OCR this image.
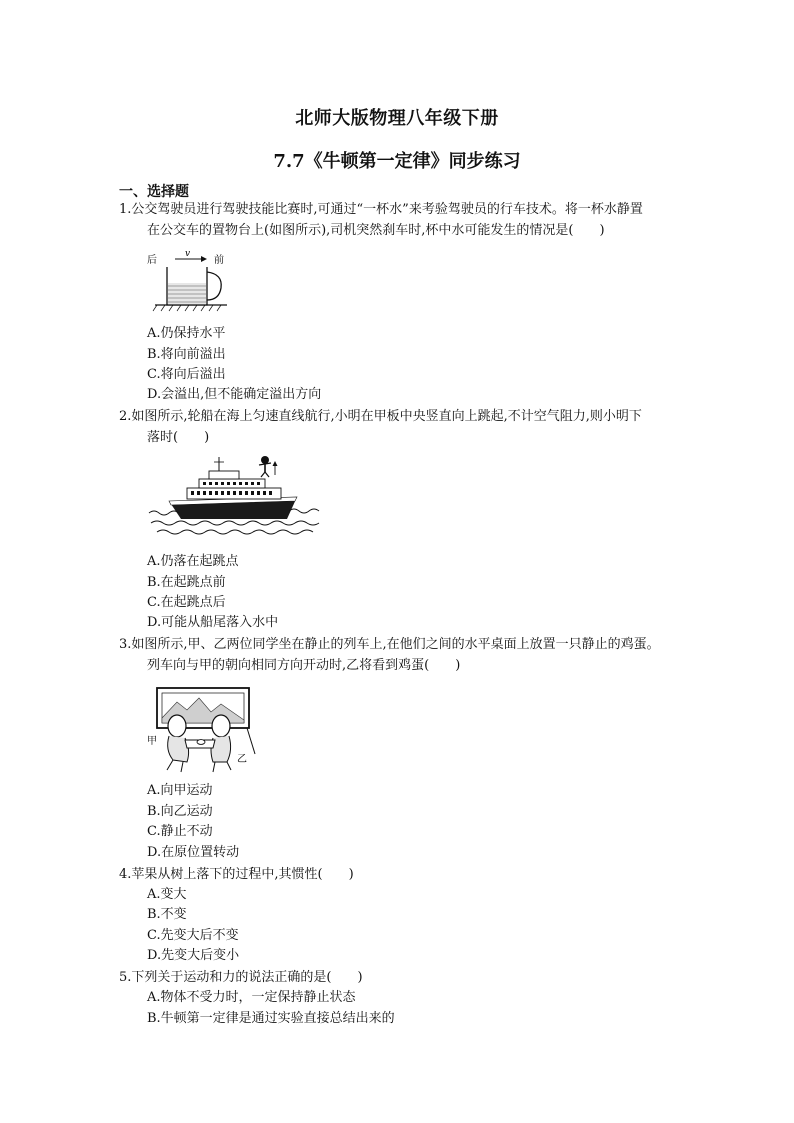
北师大版物理八年级下册
7.7《牛顿第一定律》同步练习
一、选择题
1.公交驾驶员进行驾驶技能比赛时,可通过“一杯水”来考验驾驶员的行车技术。将一杯水静置
在公交车的置物台上(如图所示),司机突然刹车时,杯中水可能发生的情况是(　　)
后	前
v
A.仍保持水平
B.将向前溢出
C.将向后溢出
D.会溢出,但不能确定溢出方向
2.如图所示,轮船在海上匀速直线航行,小明在甲板中央竖直向上跳起,不计空气阻力,则小明下
落时(　　)
A.仍落在起跳点
B.在起跳点前
C.在起跳点后
D.可能从船尾落入水中
3.如图所示,甲、乙两位同学坐在静止的列车上,在他们之间的水平桌面上放置一只静止的鸡蛋。
列车向与甲的朝向相同方向开动时,乙将看到鸡蛋(　　)
甲
乙
A.向甲运动
B.向乙运动
C.静止不动
D.在原位置转动
4.苹果从树上落下的过程中,其惯性(　　)
A.变大
B.不变
C.先变大后不变
D.先变大后变小
5.下列关于运动和力的说法正确的是(　　)
A.物体不受力时，一定保持静止状态
B.牛顿第一定律是通过实验直接总结出来的
